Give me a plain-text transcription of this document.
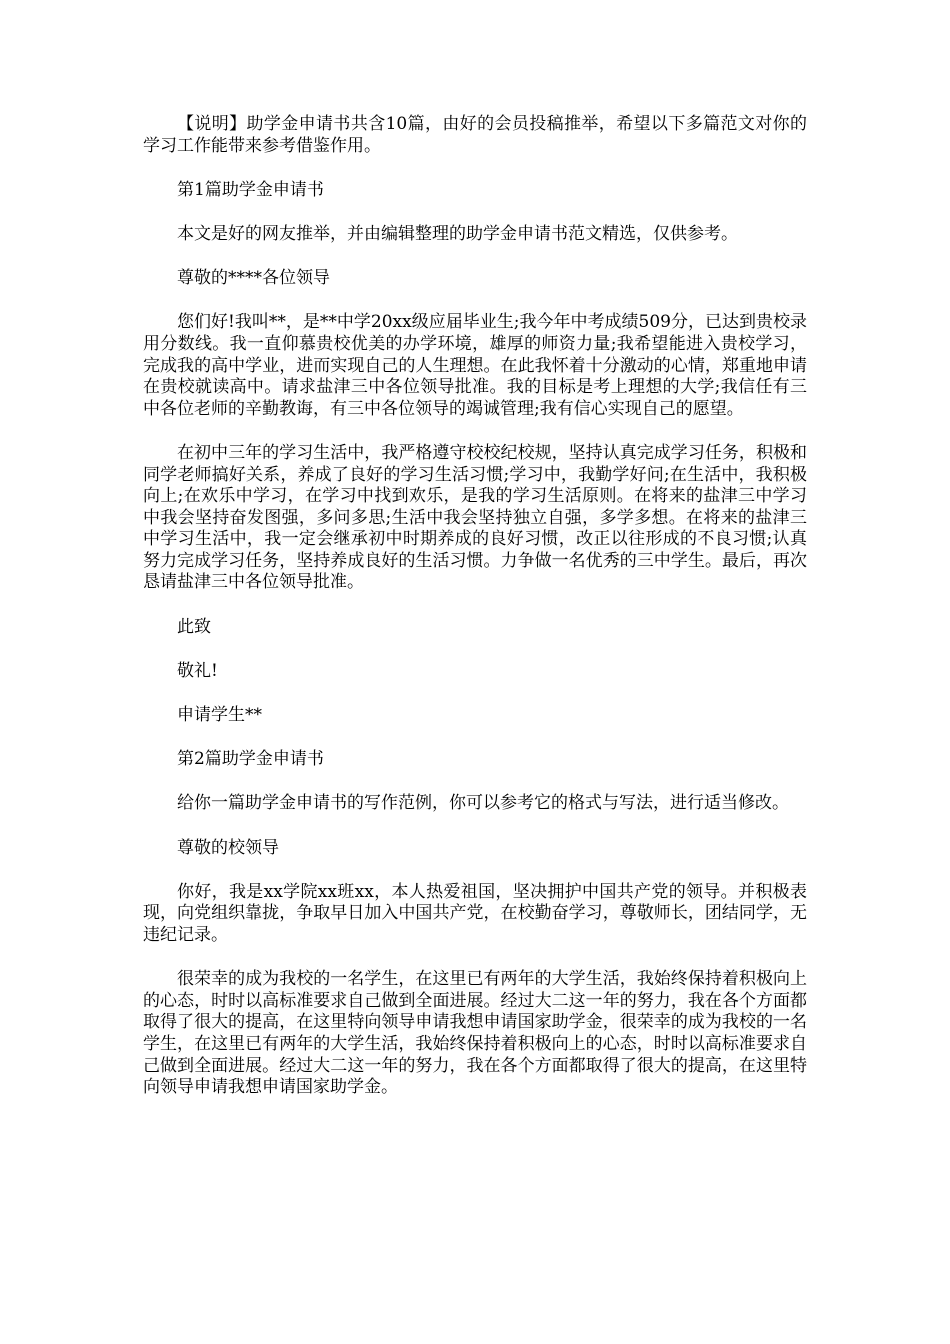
【说明】助学金申请书共含10篇，由好的会员投稿推举，希望以下多篇范文对你的学习工作能带来参考借鉴作用。

第1篇助学金申请书

本文是好的网友推举，并由编辑整理的助学金申请书范文精选，仅供参考。

尊敬的****各位领导

您们好!我叫**，是**中学20xx级应届毕业生;我今年中考成绩509分，已达到贵校录用分数线。我一直仰慕贵校优美的办学环境，雄厚的师资力量;我希望能进入贵校学习，完成我的高中学业，进而实现自己的人生理想。在此我怀着十分激动的心情，郑重地申请在贵校就读高中。请求盐津三中各位领导批准。我的目标是考上理想的大学;我信任有三中各位老师的辛勤教诲，有三中各位领导的竭诚管理;我有信心实现自己的愿望。

在初中三年的学习生活中，我严格遵守校校纪校规，坚持认真完成学习任务，积极和同学老师搞好关系，养成了良好的学习生活习惯;学习中，我勤学好问;在生活中，我积极向上;在欢乐中学习，在学习中找到欢乐，是我的学习生活原则。在将来的盐津三中学习中我会坚持奋发图强，多问多思;生活中我会坚持独立自强，多学多想。在将来的盐津三中学习生活中，我一定会继承初中时期养成的良好习惯，改正以往形成的不良习惯;认真努力完成学习任务，坚持养成良好的生活习惯。力争做一名优秀的三中学生。最后，再次恳请盐津三中各位领导批准。

此致

敬礼!

申请学生**

第2篇助学金申请书

给你一篇助学金申请书的写作范例，你可以参考它的格式与写法，进行适当修改。

尊敬的校领导

你好，我是xx学院xx班xx，本人热爱祖国，坚决拥护中国共产党的领导。并积极表现，向党组织靠拢，争取早日加入中国共产党，在校勤奋学习，尊敬师长，团结同学，无违纪记录。

很荣幸的成为我校的一名学生，在这里已有两年的大学生活，我始终保持着积极向上的心态，时时以高标准要求自己做到全面进展。经过大二这一年的努力，我在各个方面都取得了很大的提高，在这里特向领导申请我想申请国家助学金，很荣幸的成为我校的一名学生，在这里已有两年的大学生活，我始终保持着积极向上的心态，时时以高标准要求自己做到全面进展。经过大二这一年的努力，我在各个方面都取得了很大的提高，在这里特向领导申请我想申请国家助学金。
